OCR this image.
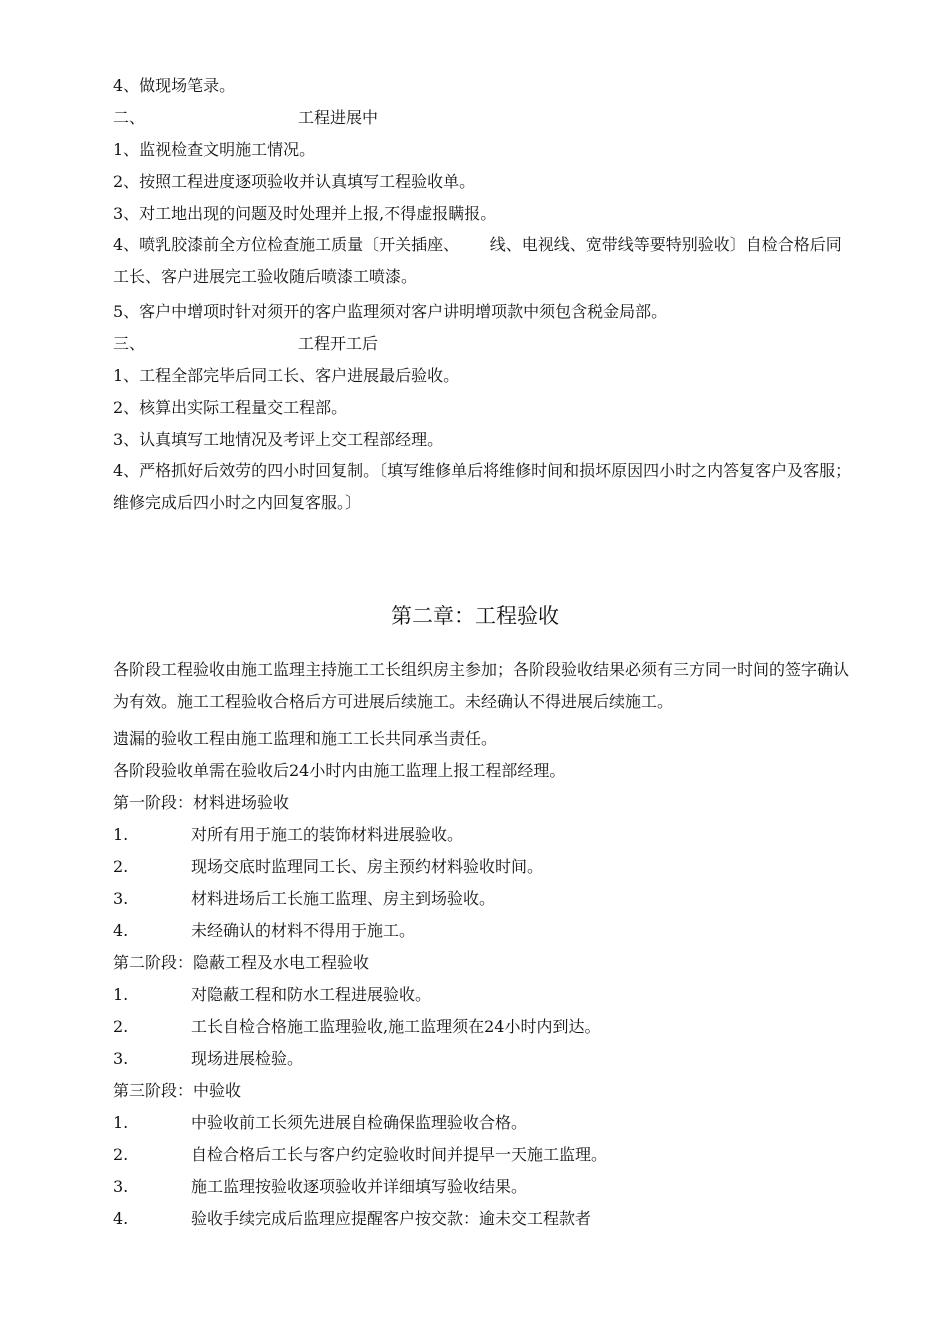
4、做现场笔录。
二、	工程进展中
1、监视检查文明施工情况。
2、按照工程进度逐项验收并认真填写工程验收单。
3、对工地出现的问题及时处理并上报,不得虚报瞒报。
4、喷乳胶漆前全方位检查施工质量〔开关插座、      线、电视线、宽带线等要特别验收〕自检合格后同工长、客户进展完工验收随后喷漆工喷漆。
5、客户中增项时针对须开的客户监理须对客户讲明增项款中须包含税金局部。
三、	工程开工后
1、工程全部完毕后同工长、客户进展最后验收。
2、核算出实际工程量交工程部。
3、认真填写工地情况及考评上交工程部经理。
4、严格抓好后效劳的四小时回复制。〔填写维修单后将维修时间和损坏原因四小时之内答复客户及客服；维修完成后四小时之内回复客服。〕
第二章：工程验收
各阶段工程验收由施工监理主持施工工长组织房主参加；各阶段验收结果必须有三方同一时间的签字确认为有效。施工工程验收合格后方可进展后续施工。未经确认不得进展后续施工。
遗漏的验收工程由施工监理和施工工长共同承当责任。
各阶段验收单需在验收后24小时内由施工监理上报工程部经理。
第一阶段：材料进场验收
1.	对所有用于施工的装饰材料进展验收。
2.	现场交底时监理同工长、房主预约材料验收时间。
3.	材料进场后工长施工监理、房主到场验收。
4.	未经确认的材料不得用于施工。
第二阶段：隐蔽工程及水电工程验收
1.	对隐蔽工程和防水工程进展验收。
2.	工长自检合格施工监理验收,施工监理须在24小时内到达。
3.	现场进展检验。
第三阶段：中验收
1.	中验收前工长须先进展自检确保监理验收合格。
2.	自检合格后工长与客户约定验收时间并提早一天施工监理。
3.	施工监理按验收逐项验收并详细填写验收结果。
4.	验收手续完成后监理应提醒客户按交款：逾未交工程款者
